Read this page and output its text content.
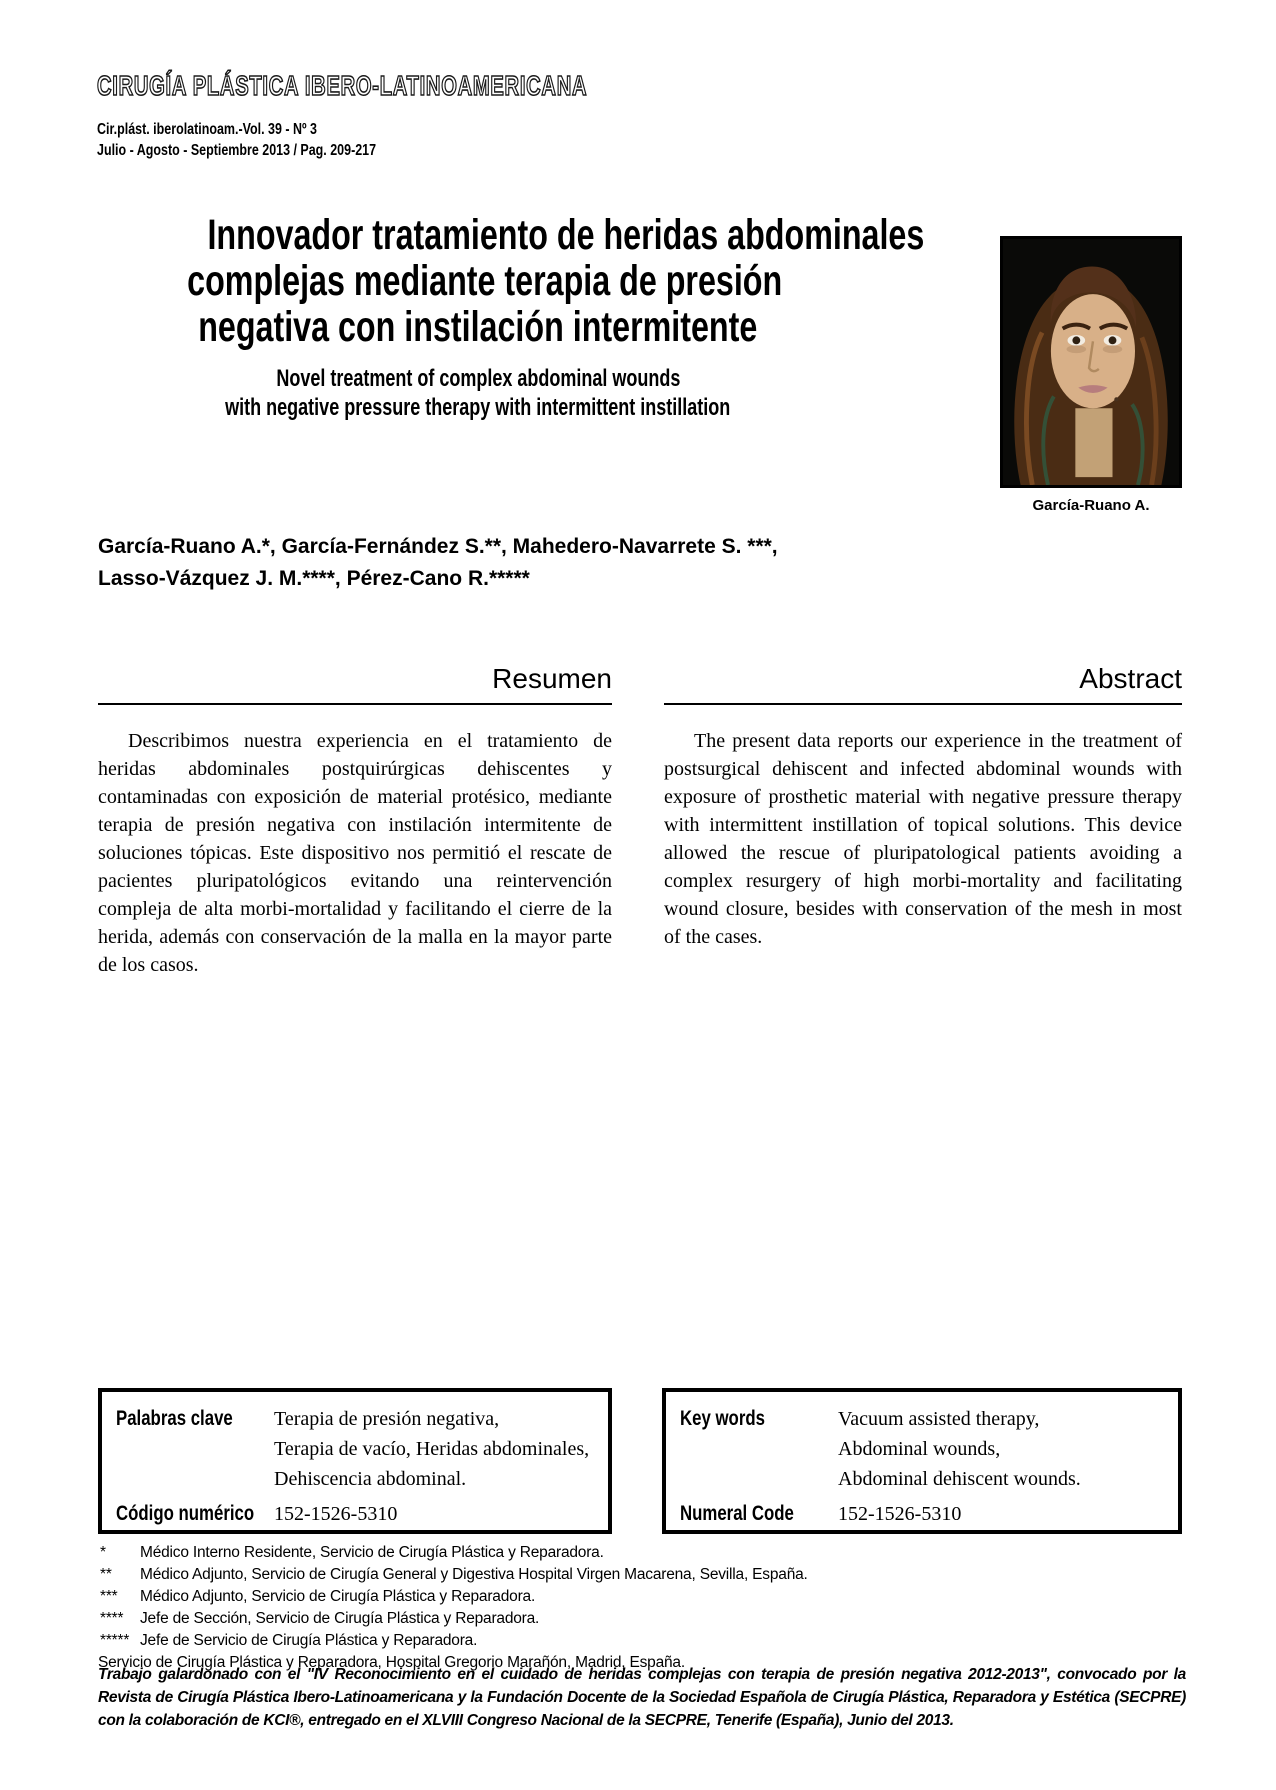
CIRUGÍA PLÁSTICA IBERO-LATINOAMERICANA
Cir.plást. iberolatinoam.-Vol. 39 - Nº 3
Julio - Agosto - Septiembre 2013 / Pag. 209-217
Innovador tratamiento de heridas abdominales
complejas mediante terapia de presión
negativa con instilación intermitente
Novel treatment of complex abdominal wounds
with negative pressure therapy with intermittent instillation
García-Ruano A.
García-Ruano A.*, García-Fernández S.**, Mahedero-Navarrete S. ***,
Lasso-Vázquez J. M.****, Pérez-Cano R.*****
Resumen
Describimos nuestra experiencia en el tratamiento de heridas abdominales postquirúrgicas dehiscentes y contaminadas con exposición de material protésico, mediante terapia de presión negativa con instilación intermitente de soluciones tópicas. Este dispositivo nos permitió el rescate de pacientes pluripatológicos evitando una reintervención compleja de alta morbi-mortalidad y facilitando el cierre de la herida, además con conservación de la malla en la mayor parte de los casos.
Abstract
The present data reports our experience in the treatment of postsurgical dehiscent and infected abdominal wounds with exposure of prosthetic material with negative pressure therapy with intermittent instillation of topical solutions. This device allowed the rescue of pluripatological patients avoiding a complex resurgery of high morbi-mortality and facilitating wound closure, besides with conservation of the mesh in most of the cases.
Palabras clave	Terapia de presión negativa,
Terapia de vacío, Heridas abdominales,
Dehiscencia abdominal.
Código numérico 152-1526-5310
Key words	Vacuum assisted therapy,
Abdominal wounds,
Abdominal dehiscent wounds.
Numeral Code	152-1526-5310
*	Médico Interno Residente, Servicio de Cirugía Plástica y Reparadora.
**	Médico Adjunto, Servicio de Cirugía General y Digestiva Hospital Virgen Macarena, Sevilla, España.
***	Médico Adjunto, Servicio de Cirugía Plástica y Reparadora.
****	Jefe de Sección, Servicio de Cirugía Plástica y Reparadora.
***** Jefe de Servicio de Cirugía Plástica y Reparadora.
Servicio de Cirugía Plástica y Reparadora, Hospital Gregorio Marañón, Madrid, España.
Trabajo galardonado con el "IV Reconocimiento en el cuidado de heridas complejas con terapia de presión negativa 2012-2013", convocado por la Revista de Cirugía Plástica Ibero-Latinoamericana y la Fundación Docente de la Sociedad Española de Cirugía Plástica, Reparadora y Estética (SECPRE) con la colaboración de KCI®, entregado en el XLVIII Congreso Nacional de la SECPRE, Tenerife (España), Junio del 2013.
